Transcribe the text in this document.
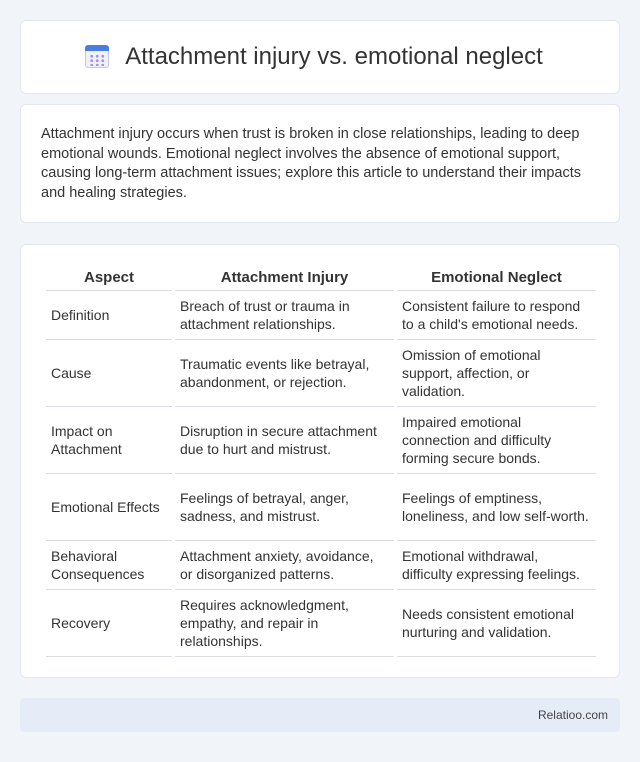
Attachment injury vs. emotional neglect

Attachment injury occurs when trust is broken in close relationships, leading to deep emotional wounds. Emotional neglect involves the absence of emotional support, causing long-term attachment issues; explore this article to understand their impacts and healing strategies.

Aspect	Attachment Injury	Emotional Neglect
Definition	Breach of trust or trauma in attachment relationships.	Consistent failure to respond to a child's emotional needs.
Cause	Traumatic events like betrayal, abandonment, or rejection.	Omission of emotional support, affection, or validation.
Impact on Attachment	Disruption in secure attachment due to hurt and mistrust.	Impaired emotional connection and difficulty forming secure bonds.
Emotional Effects	Feelings of betrayal, anger, sadness, and mistrust.	Feelings of emptiness, loneliness, and low self-worth.
Behavioral Consequences	Attachment anxiety, avoidance, or disorganized patterns.	Emotional withdrawal, difficulty expressing feelings.
Recovery	Requires acknowledgment, empathy, and repair in relationships.	Needs consistent emotional nurturing and validation.
Relatioo.com
